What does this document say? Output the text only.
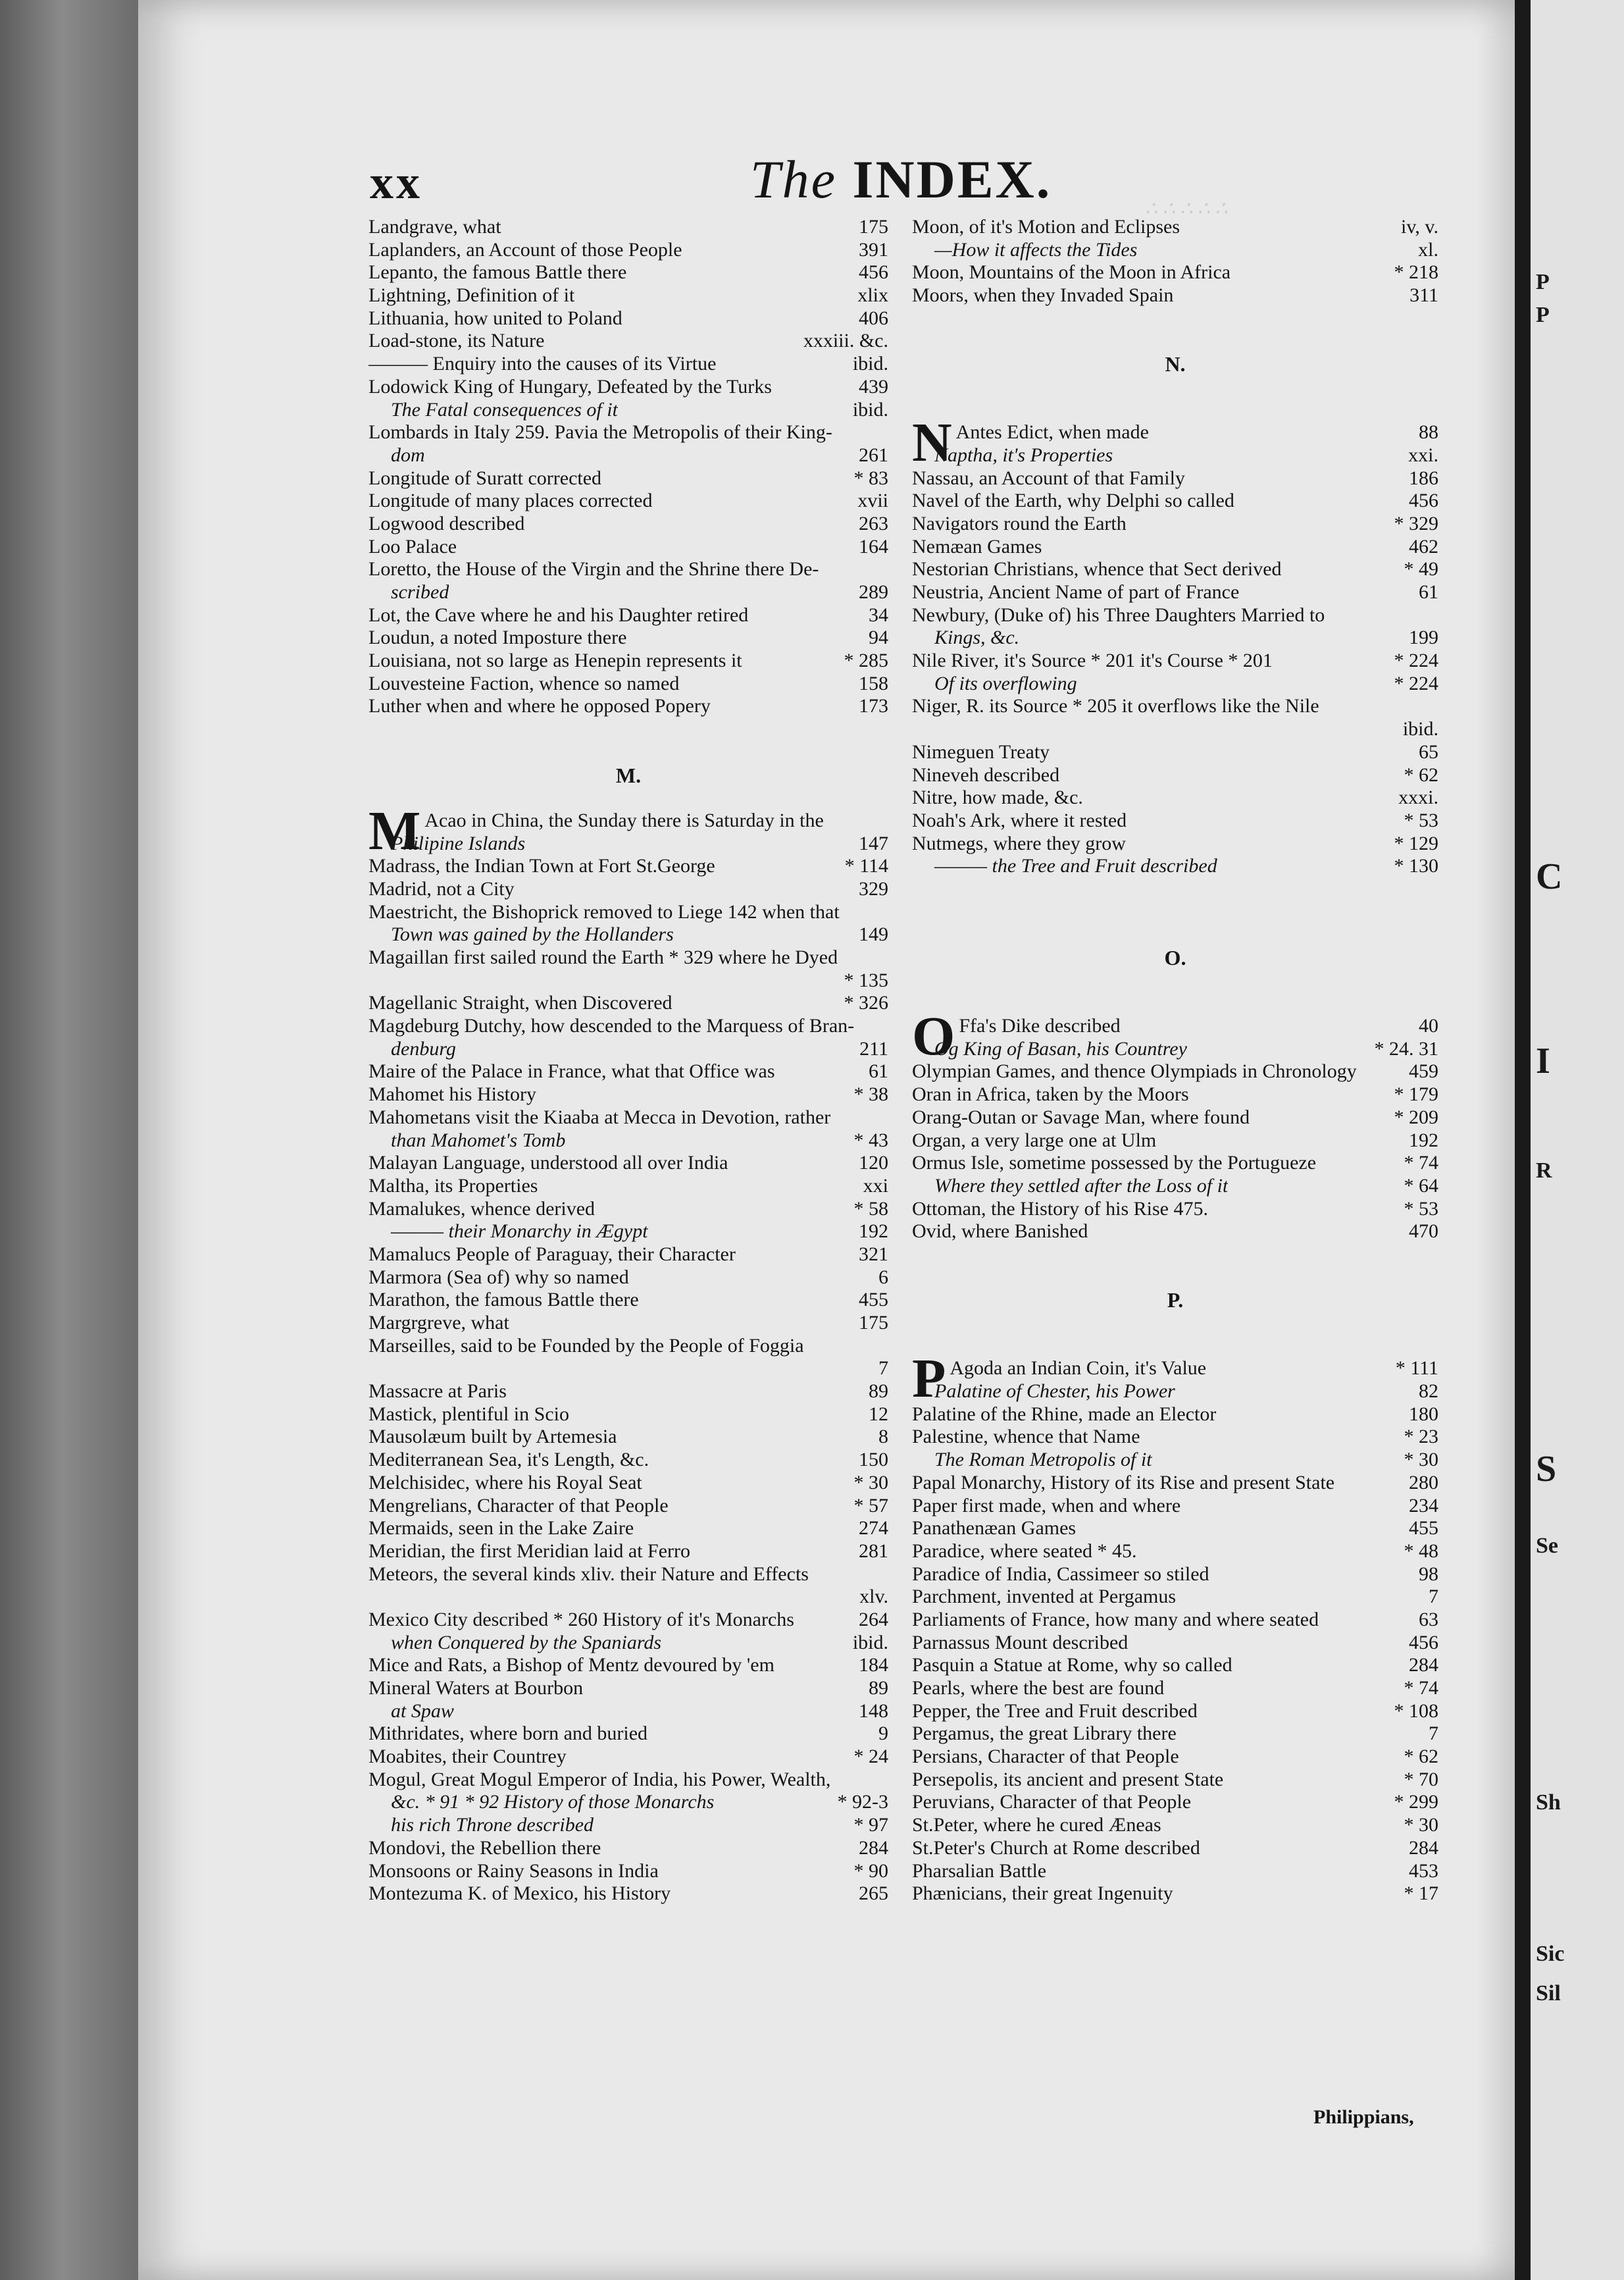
∴ ∴ ∴ ∴ ∴
xx	The INDEX.
Landgrave, what	175
Laplanders, an Account of those People	391
Lepanto, the famous Battle there	456
Lightning, Definition of it	xlix
Lithuania, how united to Poland	406
Load-stone, its Nature	xxxiii. &c.
——— Enquiry into the causes of its Virtue	ibid.
Lodowick King of Hungary, Defeated by the Turks	439
The Fatal consequences of it	ibid.
Lombards in Italy 259. Pavia the Metropolis of their King-
dom	261
Longitude of Suratt corrected	* 83
Longitude of many places corrected	xvii
Logwood described	263
Loo Palace	164
Loretto, the House of the Virgin and the Shrine there De-
scribed	289
Lot, the Cave where he and his Daughter retired	34
Loudun, a noted Imposture there	94
Louisiana, not so large as Henepin represents it	* 285
Louvesteine Faction, whence so named	158
Luther when and where he opposed Popery	173
M.
M Acao in China, the Sunday there is Saturday in the
Philipine Islands	147
Madrass, the Indian Town at Fort St.George	* 114
Madrid, not a City	329
Maestricht, the Bishoprick removed to Liege 142 when that
Town was gained by the Hollanders	149
Magaillan first sailed round the Earth * 329 where he Dyed
* 135
Magellanic Straight, when Discovered	* 326
Magdeburg Dutchy, how descended to the Marquess of Bran-
denburg	211
Maire of the Palace in France, what that Office was	61
Mahomet his History	* 38
Mahometans visit the Kiaaba at Mecca in Devotion, rather
than Mahomet's Tomb	* 43
Malayan Language, understood all over India	120
Maltha, its Properties	xxi
Mamalukes, whence derived	* 58
——— their Monarchy in Ægypt	192
Mamalucs People of Paraguay, their Character	321
Marmora (Sea of) why so named	6
Marathon, the famous Battle there	455
Margrgreve, what	175
Marseilles, said to be Founded by the People of Foggia
7
Massacre at Paris	89
Mastick, plentiful in Scio	12
Mausolæum built by Artemesia	8
Mediterranean Sea, it's Length, &c.	150
Melchisidec, where his Royal Seat	* 30
Mengrelians, Character of that People	* 57
Mermaids, seen in the Lake Zaire	274
Meridian, the first Meridian laid at Ferro	281
Meteors, the several kinds xliv. their Nature and Effects
xlv.
Mexico City described * 260 History of it's Monarchs	264
when Conquered by the Spaniards	ibid.
Mice and Rats, a Bishop of Mentz devoured by 'em	184
Mineral Waters at Bourbon	89
at Spaw	148
Mithridates, where born and buried	9
Moabites, their Countrey	* 24
Mogul, Great Mogul Emperor of India, his Power, Wealth,
&c. * 91 * 92 History of those Monarchs	* 92-3
his rich Throne described	* 97
Mondovi, the Rebellion there	284
Monsoons or Rainy Seasons in India	* 90
Montezuma K. of Mexico, his History	265
Moon, of it's Motion and Eclipses	iv, v.
—How it affects the Tides	xl.
Moon, Mountains of the Moon in Africa	* 218
Moors, when they Invaded Spain	311
N.
N Antes Edict, when made	88
Naptha, it's Properties	xxi.
Nassau, an Account of that Family	186
Navel of the Earth, why Delphi so called	456
Navigators round the Earth	* 329
Nemæan Games	462
Nestorian Christians, whence that Sect derived	* 49
Neustria, Ancient Name of part of France	61
Newbury, (Duke of) his Three Daughters Married to
Kings, &c.	199
Nile River, it's Source * 201 it's Course * 201	* 224
Of its overflowing	* 224
Niger, R. its Source * 205 it overflows like the Nile
ibid.
Nimeguen Treaty	65
Nineveh described	* 62
Nitre, how made, &c.	xxxi.
Noah's Ark, where it rested	* 53
Nutmegs, where they grow	* 129
——— the Tree and Fruit described	* 130
O.
O Ffa's Dike described	40
Og King of Basan, his Countrey	* 24. 31
Olympian Games, and thence Olympiads in Chronology	459
Oran in Africa, taken by the Moors	* 179
Orang-Outan or Savage Man, where found	* 209
Organ, a very large one at Ulm	192
Ormus Isle, sometime possessed by the Portugueze	* 74
Where they settled after the Loss of it	* 64
Ottoman, the History of his Rise 475.	* 53
Ovid, where Banished	470
P.
P Agoda an Indian Coin, it's Value	* 111
Palatine of Chester, his Power	82
Palatine of the Rhine, made an Elector	180
Palestine, whence that Name	* 23
The Roman Metropolis of it	* 30
Papal Monarchy, History of its Rise and present State	280
Paper first made, when and where	234
Panathenæan Games	455
Paradice, where seated * 45.	* 48
Paradice of India, Cassimeer so stiled	98
Parchment, invented at Pergamus	7
Parliaments of France, how many and where seated	63
Parnassus Mount described	456
Pasquin a Statue at Rome, why so called	284
Pearls, where the best are found	* 74
Pepper, the Tree and Fruit described	* 108
Pergamus, the great Library there	7
Persians, Character of that People	* 62
Persepolis, its ancient and present State	* 70
Peruvians, Character of that People	* 299
St.Peter, where he cured Æneas	* 30
St.Peter's Church at Rome described	284
Pharsalian Battle	453
Phænicians, their great Ingenuity	* 17
Philippians,
P
P
C
I
R
S
Se
Sh
Sic
Sil
